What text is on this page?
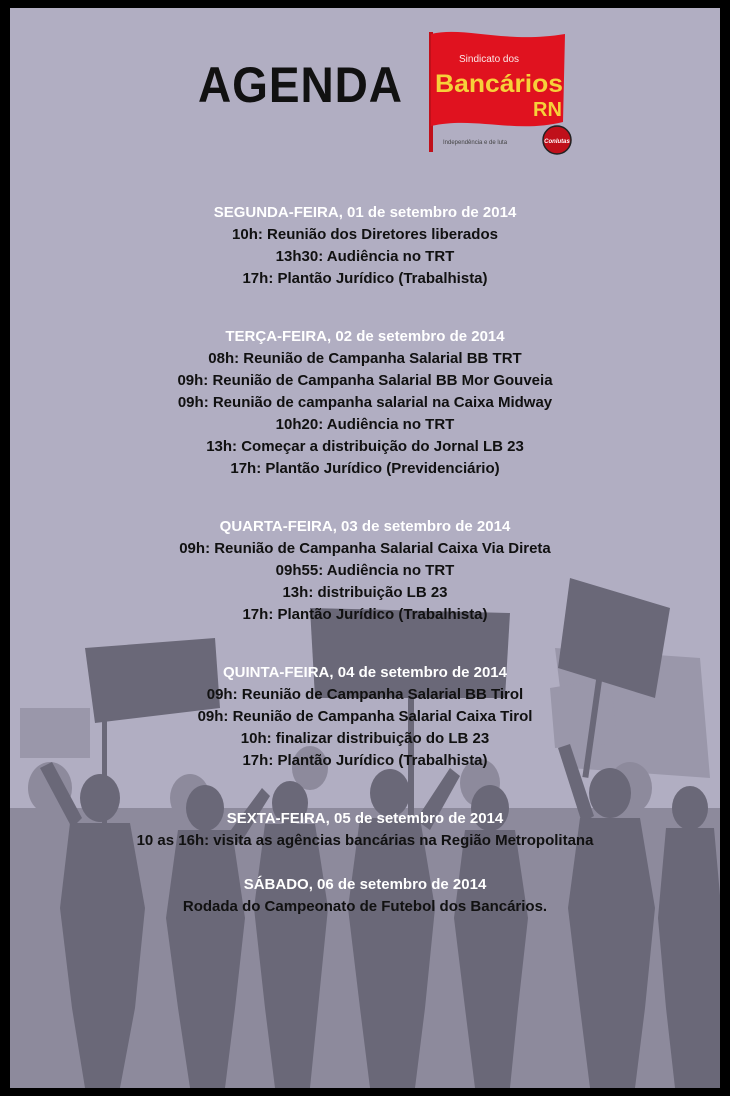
AGENDA	Sindicato dos
Bancários
RN
Independência e de luta	Conlutas
SEGUNDA-FEIRA, 01 de setembro de 2014
10h: Reunião dos Diretores liberados
13h30: Audiência no TRT
17h: Plantão Jurídico (Trabalhista)
TERÇA-FEIRA, 02 de setembro de 2014
08h: Reunião de Campanha Salarial BB TRT
09h: Reunião de Campanha Salarial BB Mor Gouveia
09h: Reunião de campanha salarial na Caixa Midway
10h20: Audiência no TRT
13h: Começar a distribuição do Jornal LB 23
17h: Plantão Jurídico (Previdenciário)
QUARTA-FEIRA, 03 de setembro de 2014
09h: Reunião de Campanha Salarial Caixa Via Direta
09h55: Audiência no TRT
13h: distribuição LB 23
17h: Plantão Jurídico (Trabalhista)
QUINTA-FEIRA, 04 de setembro de 2014
09h: Reunião de Campanha Salarial BB Tirol
09h: Reunião de Campanha Salarial Caixa Tirol
10h: finalizar distribuição do LB 23
17h: Plantão Jurídico (Trabalhista)
SEXTA-FEIRA, 05 de setembro de 2014
10 as 16h: visita as agências bancárias na Região Metropolitana
SÁBADO, 06 de setembro de 2014
Rodada do Campeonato de Futebol dos Bancários.
